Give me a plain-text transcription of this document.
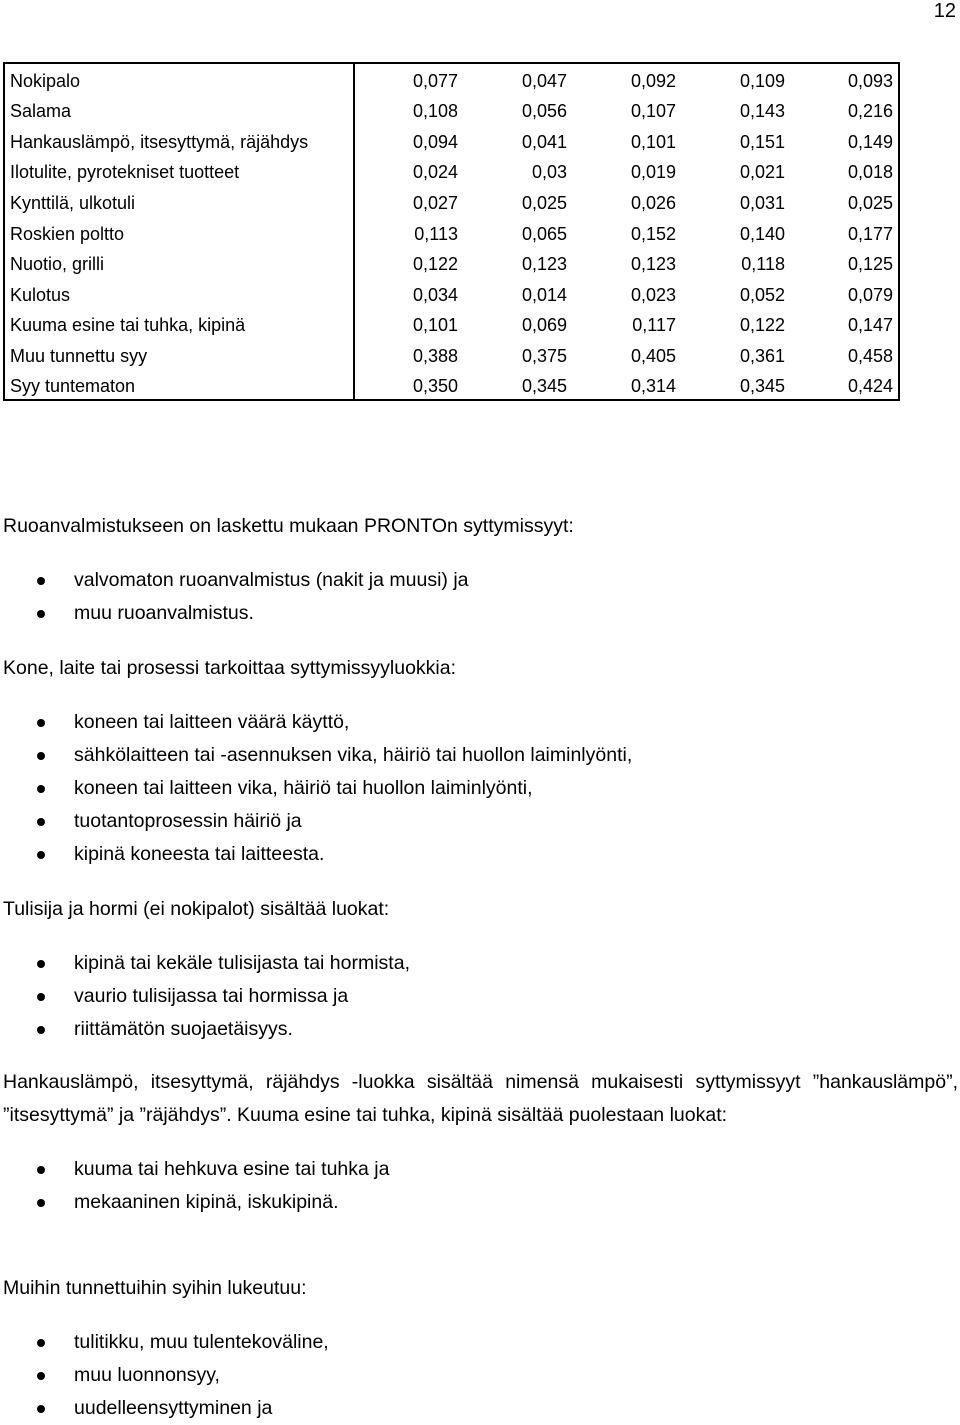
12
Nokipalo	0,077	0,047	0,092	0,109	0,093
Salama	0,108	0,056	0,107	0,143	0,216
Hankauslämpö, itsesyttymä, räjähdys	0,094	0,041	0,101	0,151	0,149
Ilotulite, pyrotekniset tuotteet	0,024	0,03	0,019	0,021	0,018
Kynttilä, ulkotuli	0,027	0,025	0,026	0,031	0,025
Roskien poltto	0,113	0,065	0,152	0,140	0,177
Nuotio, grilli	0,122	0,123	0,123	0,118	0,125
Kulotus	0,034	0,014	0,023	0,052	0,079
Kuuma esine tai tuhka, kipinä	0,101	0,069	0,117	0,122	0,147
Muu tunnettu syy	0,388	0,375	0,405	0,361	0,458
Syy tuntematon	0,350	0,345	0,314	0,345	0,424

Ruoanvalmistukseen on laskettu mukaan PRONTOn syttymissyyt:

valvomaton ruoanvalmistus (nakit ja muusi) ja
muu ruoanvalmistus.

Kone, laite tai prosessi tarkoittaa syttymissyyluokkia:

koneen tai laitteen väärä käyttö,
sähkölaitteen tai -asennuksen vika, häiriö tai huollon laiminlyönti,
koneen tai laitteen vika, häiriö tai huollon laiminlyönti,
tuotantoprosessin häiriö ja
kipinä koneesta tai laitteesta.

Tulisija ja hormi (ei nokipalot) sisältää luokat:

kipinä tai kekäle tulisijasta tai hormista,
vaurio tulisijassa tai hormissa ja
riittämätön suojaetäisyys.

Hankauslämpö, itsesyttymä, räjähdys -luokka sisältää nimensä mukaisesti syttymissyyt ”hankauslämpö”, ”itsesyttymä” ja ”räjähdys”. Kuuma esine tai tuhka, kipinä sisältää puolestaan luokat:

kuuma tai hehkuva esine tai tuhka ja
mekaaninen kipinä, iskukipinä.

Muihin tunnettuihin syihin lukeutuu:

tulitikku, muu tulentekoväline,
muu luonnonsyy,
uudelleensyttyminen ja
